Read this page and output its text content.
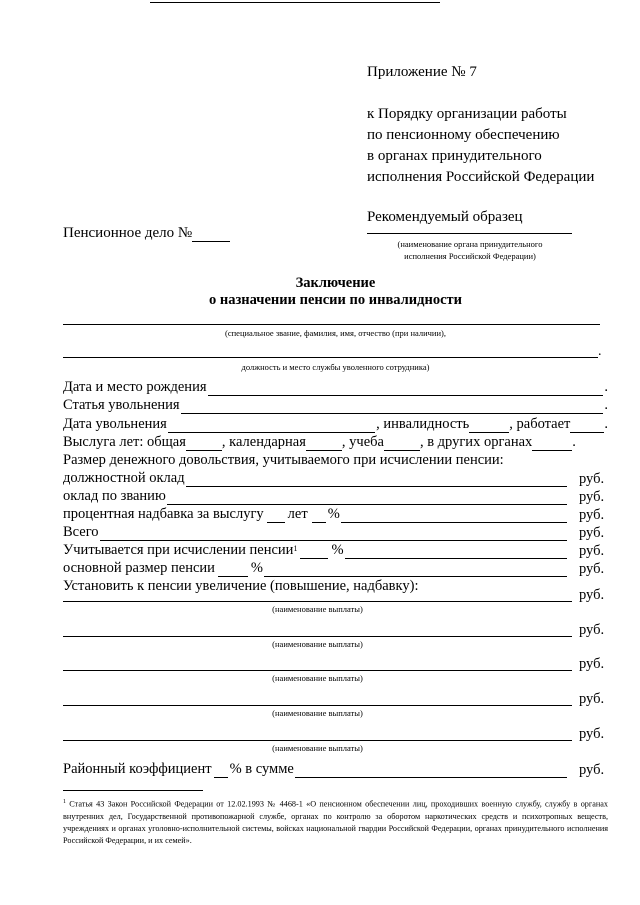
Приложение № 7
к Порядку организации работы
по пенсионному обеспечению
в органах принудительного
исполнения Российской Федерации
Рекомендуемый образец
Пенсионное дело №
(наименование органа принудительного
исполнения Российской Федерации)
Заключение
о назначении пенсии по инвалидности
(специальное звание, фамилия, имя, отчество (при наличии),
.
должность и место службы уволенного сотрудника)
Дата и место рождения	.
Статья увольнения	.
Дата увольнения	, инвалидность	, работает .
Выслуга лет: общая , календарная , учеба , в других органах	.
Размер денежного довольствия, учитываемого при исчислении пенсии:
должностной оклад	руб.
оклад по званию	руб.
процентная надбавка за выслугу лет %	руб.
Всего	руб.
Учитывается при исчислении пенсии$^1$ %	руб.
основной размер пенсии %	руб.
Установить к пенсии увеличение (повышение, надбавку):
руб.
(наименование выплаты)
руб.
(наименование выплаты)
руб.
(наименование выплаты)
руб.
(наименование выплаты)
руб.
(наименование выплаты)
Районный коэффициент % в сумме	руб.
$^1$ Статья 43 Закон Российской Федерации от 12.02.1993 № 4468-1 «О пенсионном обеспечении лиц, проходивших военную службу, службу в органах внутренних дел, Государственной противопожарной службе, органах по контролю за оборотом наркотических средств и психотропных веществ, учреждениях и органах уголовно-исполнительной системы, войсках национальной гвардии Российской Федерации, органах принудительного исполнения Российской Федерации, и их семей».
